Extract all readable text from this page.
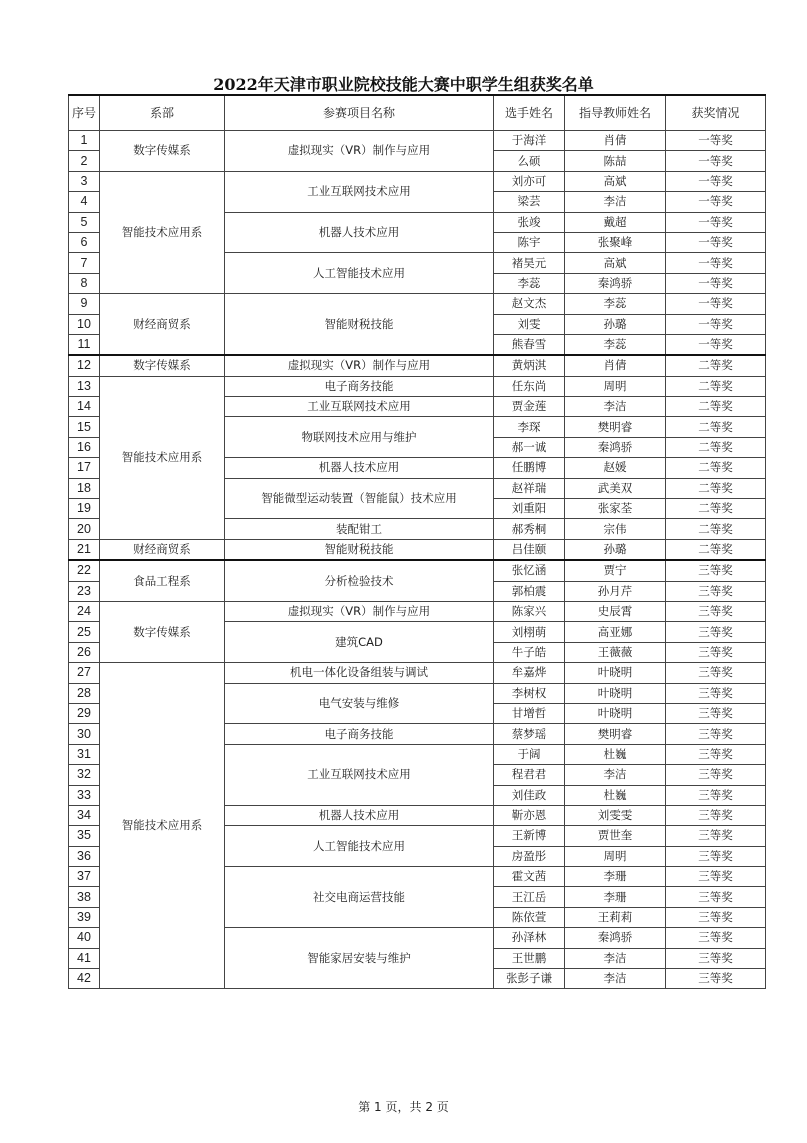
2022年天津市职业院校技能大赛中职学生组获奖名单
序号	系部	参赛项目名称	选手姓名	指导教师姓名	获奖情况
1	数字传媒系	虚拟现实（VR）制作与应用	于海洋	肖倩	一等奖
2			么硕	陈喆	一等奖
3	智能技术应用系	工业互联网技术应用	刘亦可	高斌	一等奖
4			梁芸	李洁	一等奖
5		机器人技术应用	张竣	戴超	一等奖
6			陈宇	张聚峰	一等奖
7		人工智能技术应用	褚昊元	高斌	一等奖
8			李蕊	秦鸿骄	一等奖
9	财经商贸系	智能财税技能	赵文杰	李蕊	一等奖
10			刘雯	孙璐	一等奖
11			熊春雪	李蕊	一等奖
12	数字传媒系	虚拟现实（VR）制作与应用	黄炳淇	肖倩	二等奖
13	智能技术应用系	电子商务技能	任东尚	周明	二等奖
14		工业互联网技术应用	贾金莲	李洁	二等奖
15		物联网技术应用与维护	李琛	樊明睿	二等奖
16			郝一诚	秦鸿骄	二等奖
17		机器人技术应用	任鹏博	赵媛	二等奖
18		智能微型运动装置（智能鼠）技术应用	赵祥瑞	武美双	二等奖
19			刘重阳	张家荃	二等奖
20		装配钳工	郝秀桐	宗伟	二等奖
21	财经商贸系	智能财税技能	吕佳颐	孙璐	二等奖
22	食品工程系	分析检验技术	张忆涵	贾宁	三等奖
23			郭柏震	孙月芹	三等奖
24	数字传媒系	虚拟现实（VR）制作与应用	陈家兴	史辰霄	三等奖
25		建筑CAD	刘栩萌	高亚娜	三等奖
26			牛子皓	王薇薇	三等奖
27	智能技术应用系	机电一体化设备组装与调试	牟嘉烨	叶晓明	三等奖
28		电气安装与维修	李树权	叶晓明	三等奖
29			甘增哲	叶晓明	三等奖
30		电子商务技能	蔡梦瑶	樊明睿	三等奖
31		工业互联网技术应用	于阔	杜巍	三等奖
32			程君君	李洁	三等奖
33			刘佳政	杜巍	三等奖
34		机器人技术应用	靳亦恩	刘雯雯	三等奖
35		人工智能技术应用	王新博	贾世奎	三等奖
36			房盈彤	周明	三等奖
37		社交电商运营技能	霍文茜	李珊	三等奖
38			王江岳	李珊	三等奖
39			陈依萱	王莉莉	三等奖
40		智能家居安装与维护	孙泽林	秦鸿骄	三等奖
41			王世鹏	李洁	三等奖
42			张彭子谦	李洁	三等奖
第 1 页，共 2 页
